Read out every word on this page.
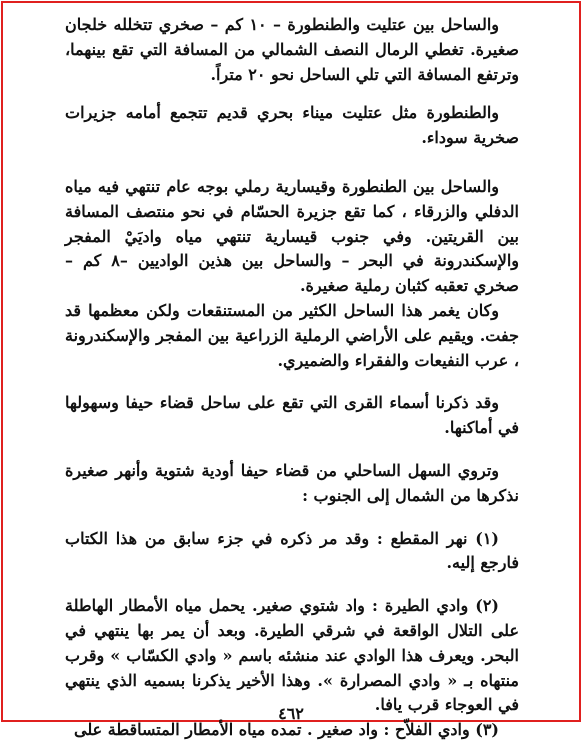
والساحل بين عتليت والطنطورة – ١٠ كم – صخري تتخلله خلجان صغيرة. تغطي الرمال النصف الشمالي من المسافة التي تقع بينهما، وترتفع المسافة التي تلي الساحل نحو ٢٠ متراً.

والطنطورة مثل عتليت ميناء بحري قديم تتجمع أمامه جزيرات صخرية سوداء.

والساحل بين الطنطورة وقيسارية رملي بوجه عام تنتهي فيه مياه الدفلي والزرقاء ، كما تقع جزيرة الحسّام في نحو منتصف المسافة بين القريتين. وفي جنوب قيسارية تنتهي مياه واديَيْ المفجر والإسكندرونة في البحر – والساحل بين هذين الواديين –٨ كم – صخري تعقبه كثبان رملية صغيرة.

وكان يغمر هذا الساحل الكثير من المستنقعات ولكن معظمها قد جفت. ويقيم على الأراضي الرملية الزراعية بين المفجر والإسكندرونة ، عرب النفيعات والفقراء والضميري.

وقد ذكرنا أسماء القرى التي تقع على ساحل قضاء حيفا وسهولها في أماكنها.

وتروي السهل الساحلي من قضاء حيفا أودية شتوية وأنهر صغيرة نذكرها من الشمال إلى الجنوب :

(١) نهر المقطع : وقد مر ذكره في جزء سابق من هذا الكتاب فارجع إليه.

(٢) وادي الطيرة : واد شتوي صغير. يحمل مياه الأمطار الهاطلة على التلال الواقعة في شرقي الطيرة. وبعد أن يمر بها ينتهي في البحر. ويعرف هذا الوادي عند منشئه باسم « وادي الكسّاب » وقرب منتهاه بـ « وادي المصرارة ». وهذا الأخير يذكرنا بسميه الذي ينتهي في العوجاء قرب يافا.

(٣) وادي الفلاّح : واد صغير . تمده مياه الأمطار المتساقطة على

٤٦٢
